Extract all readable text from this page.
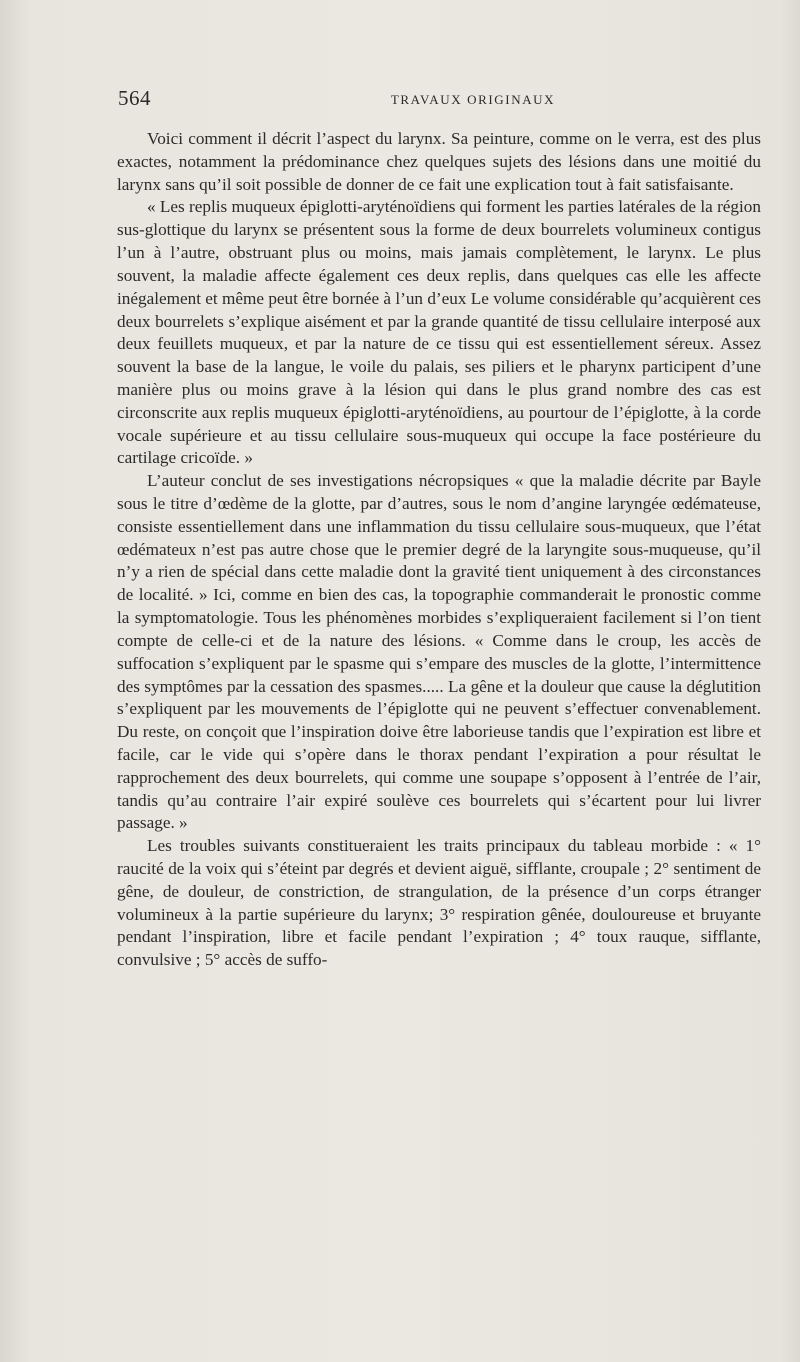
564	TRAVAUX ORIGINAUX

Voici comment il décrit l’aspect du larynx. Sa peinture, comme on le verra, est des plus exactes, notamment la prédominance chez quelques sujets des lésions dans une moitié du larynx sans qu’il soit possible de donner de ce fait une explication tout à fait satisfaisante.

« Les replis muqueux épiglotti-aryténoïdiens qui forment les parties latérales de la région sus-glottique du larynx se présentent sous la forme de deux bourrelets volumineux contigus l’un à l’autre, obstruant plus ou moins, mais jamais complètement, le larynx. Le plus souvent, la maladie affecte également ces deux replis, dans quelques cas elle les affecte inégalement et même peut être bornée à l’un d’eux Le volume considérable qu’acquièrent ces deux bourrelets s’explique aisément et par la grande quantité de tissu cellulaire interposé aux deux feuillets muqueux, et par la nature de ce tissu qui est essentiellement séreux. Assez souvent la base de la langue, le voile du palais, ses piliers et le pharynx participent d’une manière plus ou moins grave à la lésion qui dans le plus grand nombre des cas est circonscrite aux replis muqueux épiglotti-aryténoïdiens, au pourtour de l’épiglotte, à la corde vocale supérieure et au tissu cellulaire sous-muqueux qui occupe la face postérieure du cartilage cricoïde. »

L’auteur conclut de ses investigations nécropsiques « que la maladie décrite par Bayle sous le titre d’œdème de la glotte, par d’autres, sous le nom d’angine laryngée œdémateuse, consiste essentiellement dans une inflammation du tissu cellulaire sous-muqueux, que l’état œdémateux n’est pas autre chose que le premier degré de la laryngite sous-muqueuse, qu’il n’y a rien de spécial dans cette maladie dont la gravité tient uniquement à des circonstances de localité. » Ici, comme en bien des cas, la topographie commanderait le pronostic comme la symptomatologie. Tous les phénomènes morbides s’expliqueraient facilement si l’on tient compte de celle-ci et de la nature des lésions. « Comme dans le croup, les accès de suffocation s’expliquent par le spasme qui s’empare des muscles de la glotte, l’intermittence des symptômes par la cessation des spasmes..... La gêne et la douleur que cause la déglutition s’expliquent par les mouvements de l’épiglotte qui ne peuvent s’effectuer convenablement. Du reste, on conçoit que l’inspiration doive être laborieuse tandis que l’expiration est libre et facile, car le vide qui s’opère dans le thorax pendant l’expiration a pour résultat le rapprochement des deux bourrelets, qui comme une soupape s’opposent à l’entrée de l’air, tandis qu’au contraire l’air expiré soulève ces bourrelets qui s’écartent pour lui livrer passage. »

Les troubles suivants constitueraient les traits principaux du tableau morbide : « 1° raucité de la voix qui s’éteint par degrés et devient aiguë, sifflante, croupale ; 2° sentiment de gêne, de douleur, de constriction, de strangulation, de la présence d’un corps étranger volumineux à la partie supérieure du larynx; 3° respiration gênée, douloureuse et bruyante pendant l’inspiration, libre et facile pendant l’expiration ; 4° toux rauque, sifflante, convulsive ; 5° accès de suffo-
